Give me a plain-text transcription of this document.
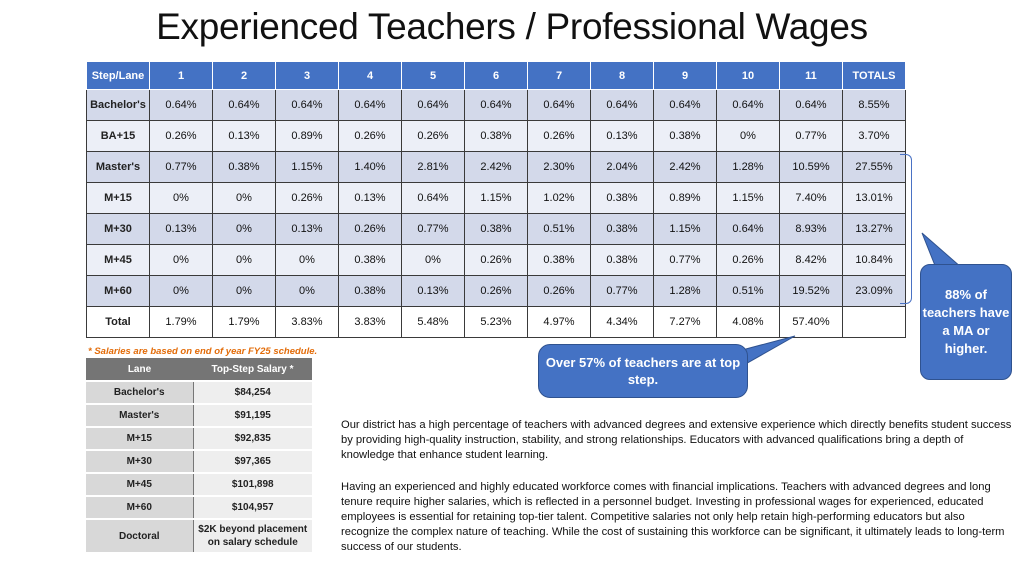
Experienced Teachers / Professional Wages
Step/Lane	1	2	3	4	5	6	7	8	9	10	11	TOTALS
Bachelor's	0.64%	0.64%	0.64%	0.64%	0.64%	0.64%	0.64%	0.64%	0.64%	0.64%	0.64%	8.55%
BA+15	0.26%	0.13%	0.89%	0.26%	0.26%	0.38%	0.26%	0.13%	0.38%	0%	0.77%	3.70%
Master's	0.77%	0.38%	1.15%	1.40%	2.81%	2.42%	2.30%	2.04%	2.42%	1.28%	10.59%	27.55%
M+15	0%	0%	0.26%	0.13%	0.64%	1.15%	1.02%	0.38%	0.89%	1.15%	7.40%	13.01%
M+30	0.13%	0%	0.13%	0.26%	0.77%	0.38%	0.51%	0.38%	1.15%	0.64%	8.93%	13.27%
M+45	0%	0%	0%	0.38%	0%	0.26%	0.38%	0.38%	0.77%	0.26%	8.42%	10.84%
M+60	0%	0%	0%	0.38%	0.13%	0.26%	0.26%	0.77%	1.28%	0.51%	19.52%	23.09%
Total	1.79%	1.79%	3.83%	3.83%	5.48%	5.23%	4.97%	4.34%	7.27%	4.08%	57.40%	
88% of teachers have a MA or higher.
Over 57% of teachers are at top step.
* Salaries are based on end of year FY25 schedule.
Lane	Top-Step Salary *
Bachelor's	$84,254
Master's	$91,195
M+15	$92,835
M+30	$97,365
M+45	$101,898
M+60	$104,957
Doctoral	$2K beyond placement on salary schedule

Our district has a high percentage of teachers with advanced degrees and extensive experience which directly benefits student success by providing high-quality instruction, stability, and strong relationships. Educators with advanced qualifications bring a depth of knowledge that enhance student learning.

Having an experienced and highly educated workforce comes with financial implications. Teachers with advanced degrees and long tenure require higher salaries, which is reflected in a personnel budget. Investing in professional wages for experienced, educated employees is essential for retaining top-tier talent. Competitive salaries not only help retain high-performing educators but also recognize the complex nature of teaching. While the cost of sustaining this workforce can be significant, it ultimately leads to long-term success of our students.
